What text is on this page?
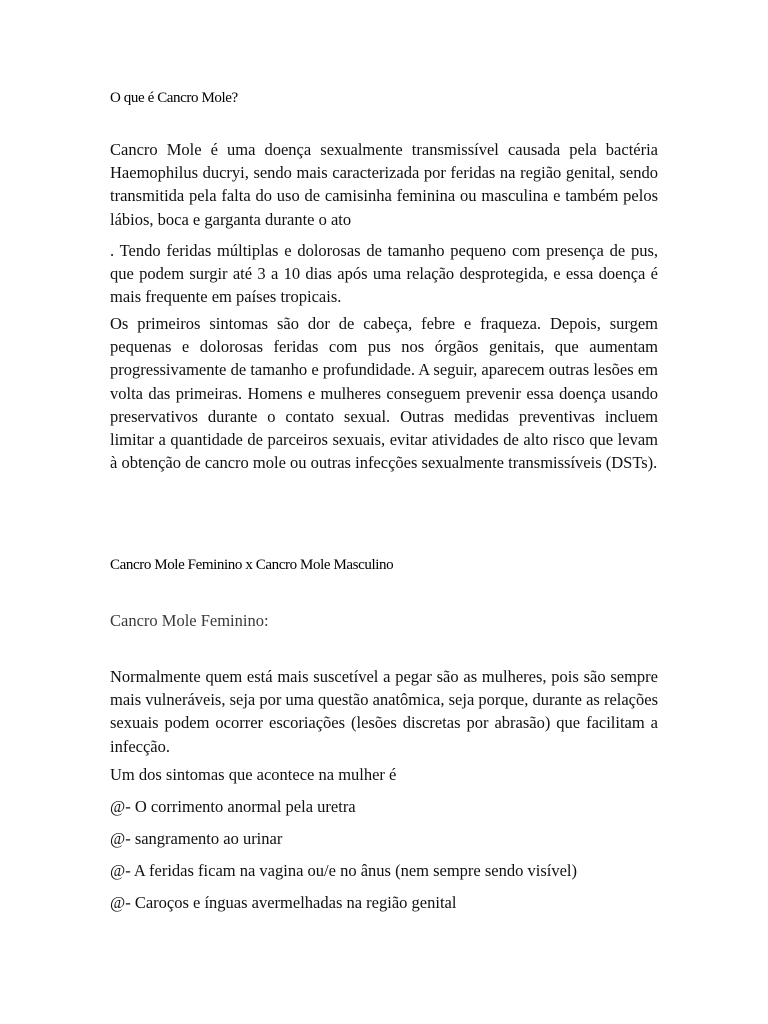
O que é Cancro Mole?

Cancro Mole é uma doença sexualmente transmissível causada pela bactéria Haemophilus ducryi, sendo mais caracterizada por feridas na região genital, sendo transmitida pela falta do uso de camisinha feminina ou masculina e também pelos lábios, boca e garganta durante o ato

. Tendo feridas múltiplas e dolorosas de tamanho pequeno com presença de pus, que podem surgir até 3 a 10 dias após uma relação desprotegida, e essa doença é mais frequente em países tropicais.

Os primeiros sintomas são dor de cabeça, febre e fraqueza. Depois, surgem pequenas e dolorosas feridas com pus nos órgãos genitais, que aumentam progressivamente de tamanho e profundidade. A seguir, aparecem outras lesões em volta das primeiras. Homens e mulheres conseguem prevenir essa doença usando preservativos durante o contato sexual. Outras medidas preventivas incluem limitar a quantidade de parceiros sexuais, evitar atividades de alto risco que levam à obtenção de cancro mole ou outras infecções sexualmente transmissíveis (DSTs).

Cancro Mole Feminino x Cancro Mole Masculino
Cancro Mole Feminino:

Normalmente quem está mais suscetível a pegar são as mulheres, pois são sempre mais vulneráveis, seja por uma questão anatômica, seja porque, durante as relações sexuais podem ocorrer escoriações (lesões discretas por abrasão) que facilitam a infecção.

Um dos sintomas que acontece na mulher é

@- O corrimento anormal pela uretra

@- sangramento ao urinar

@- A feridas ficam na vagina ou/e no ânus (nem sempre sendo visível)

@- Caroços e ínguas avermelhadas na região genital
